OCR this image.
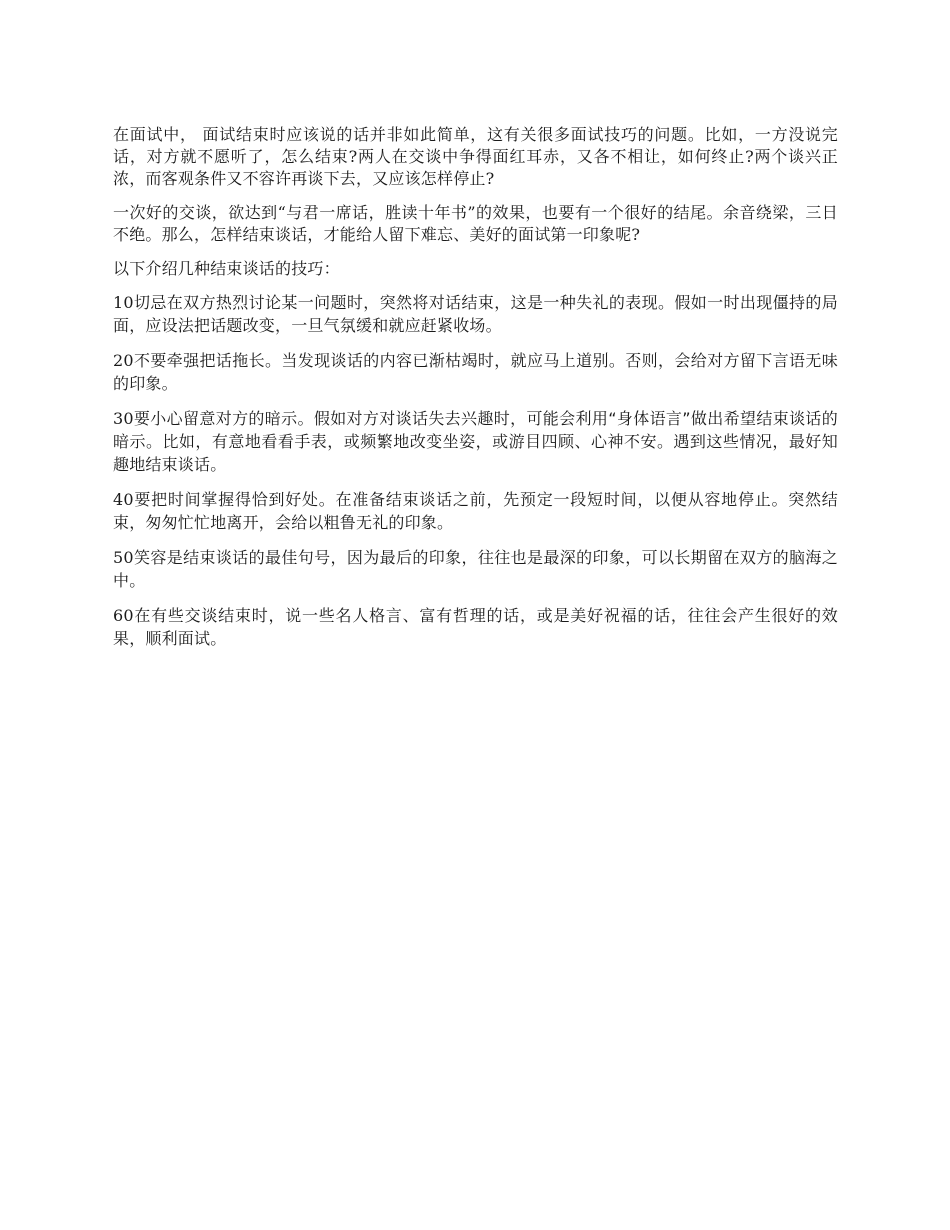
在面试中， 面试结束时应该说的话并非如此简单，这有关很多面试技巧的问题。比如，一方没说完话，对方就不愿听了，怎么结束?两人在交谈中争得面红耳赤，又各不相让，如何终止?两个谈兴正浓，而客观条件又不容许再谈下去，又应该怎样停止?

一次好的交谈，欲达到“与君一席话，胜读十年书”的效果，也要有一个很好的结尾。余音绕梁，三日不绝。那么，怎样结束谈话，才能给人留下难忘、美好的面试第一印象呢?

以下介绍几种结束谈话的技巧：

10切忌在双方热烈讨论某一问题时，突然将对话结束，这是一种失礼的表现。假如一时出现僵持的局面，应设法把话题改变，一旦气氛缓和就应赶紧收场。

20不要牵强把话拖长。当发现谈话的内容已渐枯竭时，就应马上道别。否则，会给对方留下言语无味的印象。

30要小心留意对方的暗示。假如对方对谈话失去兴趣时，可能会利用“身体语言”做出希望结束谈话的暗示。比如，有意地看看手表，或频繁地改变坐姿，或游目四顾、心神不安。遇到这些情况，最好知趣地结束谈话。

40要把时间掌握得恰到好处。在准备结束谈话之前，先预定一段短时间，以便从容地停止。突然结束，匆匆忙忙地离开，会给以粗鲁无礼的印象。

50笑容是结束谈话的最佳句号，因为最后的印象，往往也是最深的印象，可以长期留在双方的脑海之中。

60在有些交谈结束时，说一些名人格言、富有哲理的话，或是美好祝福的话，往往会产生很好的效果，顺利面试。
